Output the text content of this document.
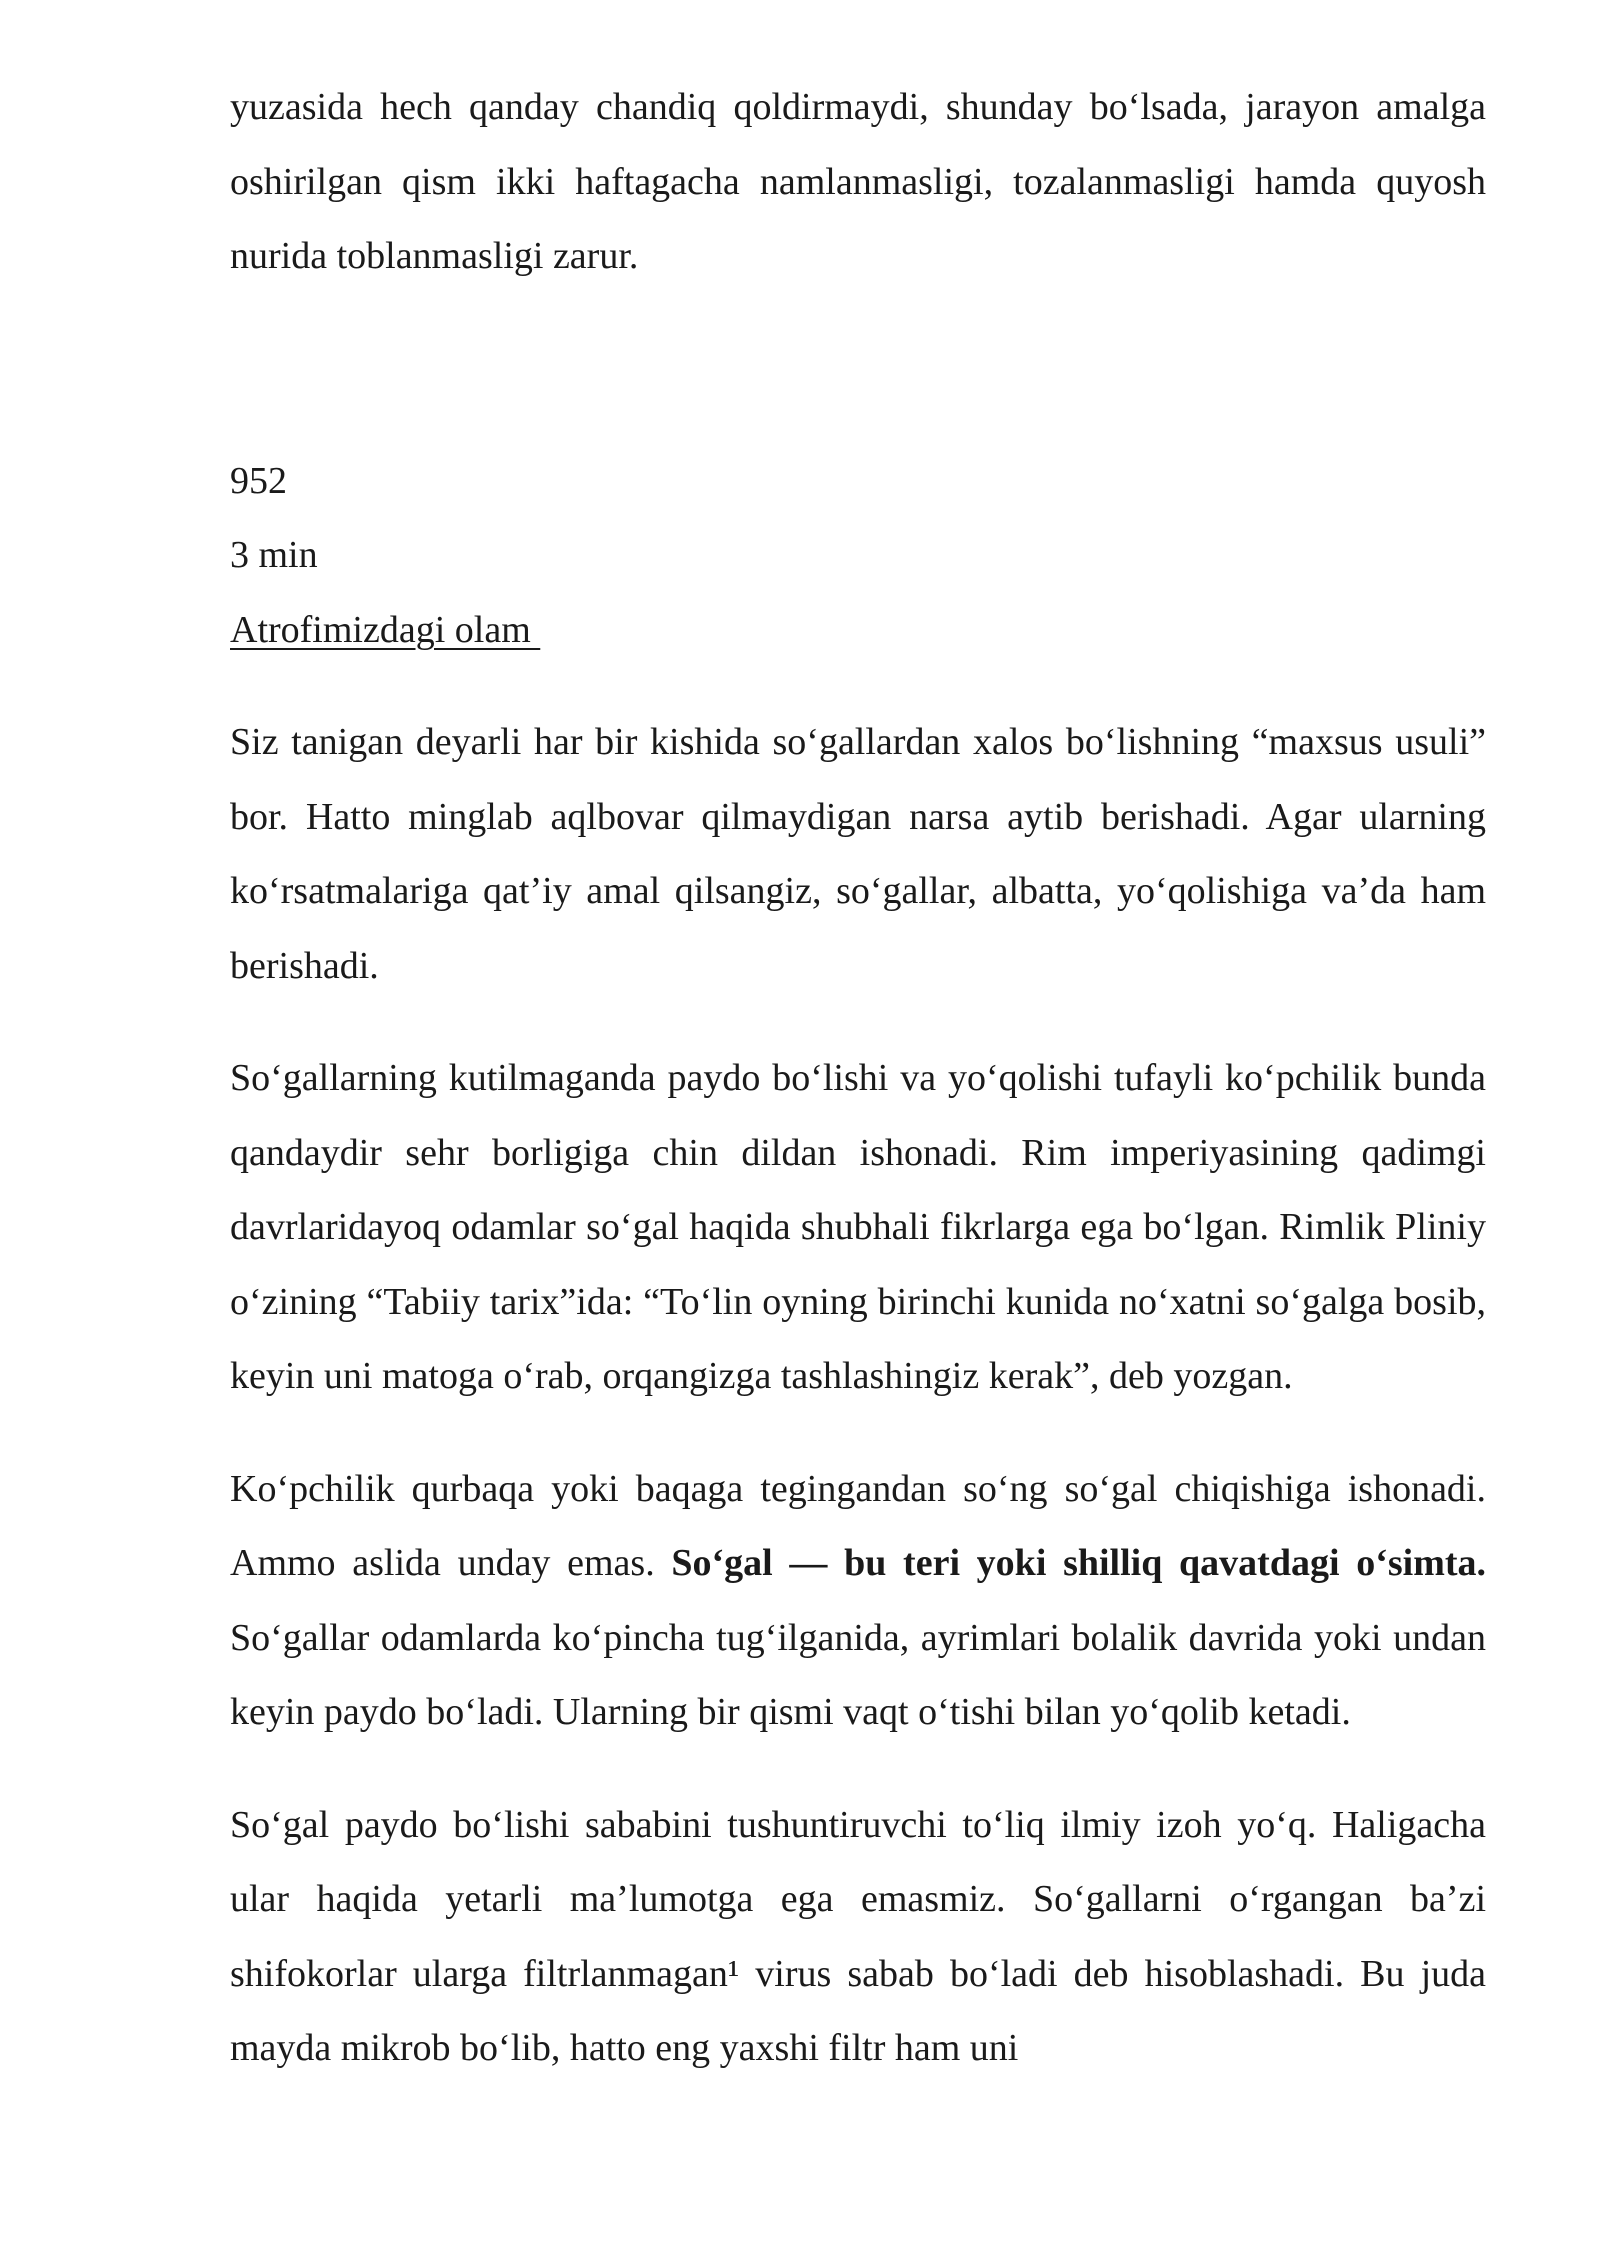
yuzasida hech qanday chandiq qoldirmaydi, shunday bo‘lsada, jarayon amalga oshirilgan qism ikki haftagacha namlanmasligi, tozalanmasligi hamda quyosh nurida toblanmasligi zarur.

952
3 min
Atrofimizdagi olam

Siz tanigan deyarli har bir kishida so‘gallardan xalos bo‘lishning “maxsus usuli” bor. Hatto minglab aqlbovar qilmaydigan narsa aytib berishadi. Agar ularning ko‘rsatmalariga qat’iy amal qilsangiz, so‘gallar, albatta, yo‘qolishiga va’da ham berishadi.

So‘gallarning kutilmaganda paydo bo‘lishi va yo‘qolishi tufayli ko‘pchilik bunda qandaydir sehr borligiga chin dildan ishonadi. Rim imperiyasining qadimgi davrlaridayoq odamlar so‘gal haqida shubhali fikrlarga ega bo‘lgan. Rimlik Pliniy o‘zining “Tabiiy tarix”ida: “To‘lin oyning birinchi kunida no‘xatni so‘galga bosib, keyin uni matoga o‘rab, orqangizga tashlashingiz kerak”, deb yozgan.

Ko‘pchilik qurbaqa yoki baqaga tegingandan so‘ng so‘gal chiqishiga ishonadi. Ammo aslida unday emas. So‘gal — bu teri yoki shilliq qavatdagi o‘simta. So‘gallar odamlarda ko‘pincha tug‘ilganida, ayrimlari bolalik davrida yoki undan keyin paydo bo‘ladi. Ularning bir qismi vaqt o‘tishi bilan yo‘qolib ketadi.

So‘gal paydo bo‘lishi sababini tushuntiruvchi to‘liq ilmiy izoh yo‘q. Haligacha ular haqida yetarli ma’lumotga ega emasmiz. So‘gallarni o‘rgangan ba’zi shifokorlar ularga filtrlanmagan¹ virus sabab bo‘ladi deb hisoblashadi. Bu juda mayda mikrob bo‘lib, hatto eng yaxshi filtr ham uni
